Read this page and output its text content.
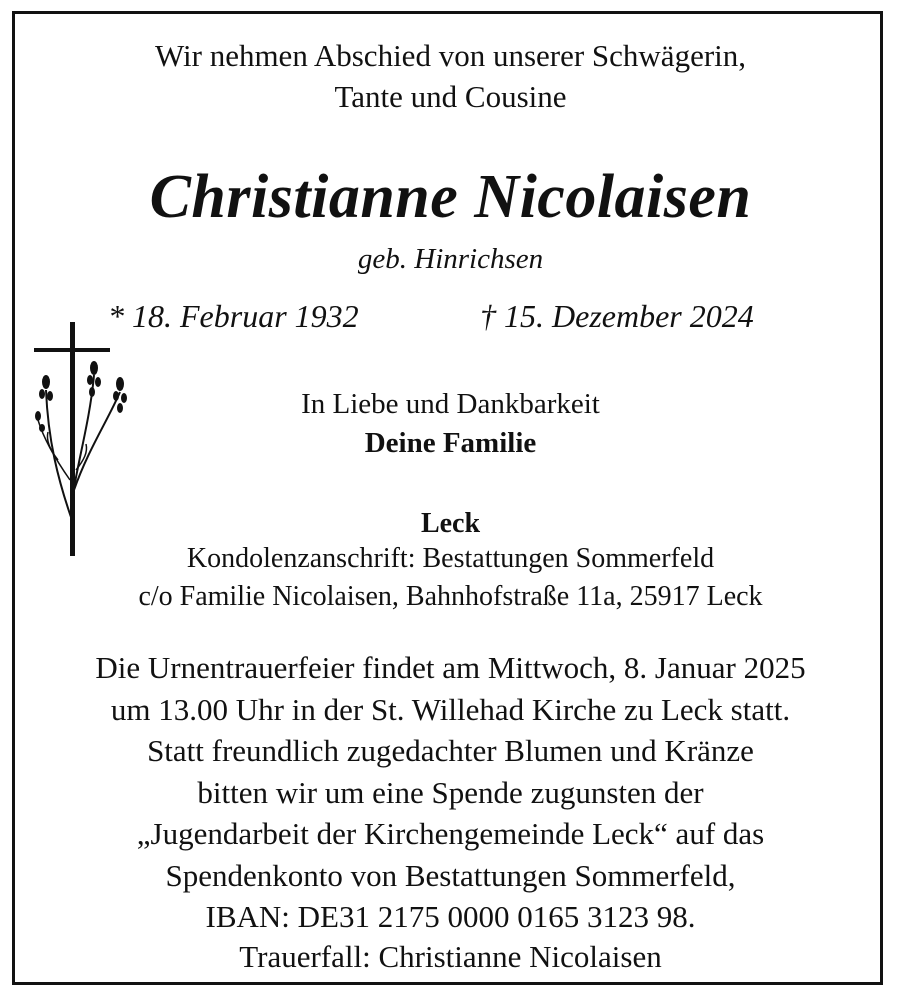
Wir nehmen Abschied von unserer Schwägerin,
Tante und Cousine
Christianne Nicolaisen
geb. Hinrichsen
* 18. Februar 1932	† 15. Dezember 2024
In Liebe und Dankbarkeit
Deine Familie
Leck
Kondolenzanschrift: Bestattungen Sommerfeld
c/o Familie Nicolaisen, Bahnhofstraße 11a, 25917 Leck
Die Urnentrauerfeier findet am Mittwoch, 8. Januar 2025
um 13.00 Uhr in der St. Willehad Kirche zu Leck statt.
Statt freundlich zugedachter Blumen und Kränze
bitten wir um eine Spende zugunsten der
„Jugendarbeit der Kirchengemeinde Leck“ auf das
Spendenkonto von Bestattungen Sommerfeld,
IBAN: DE31 2175 0000 0165 3123 98.
Trauerfall: Christianne Nicolaisen
